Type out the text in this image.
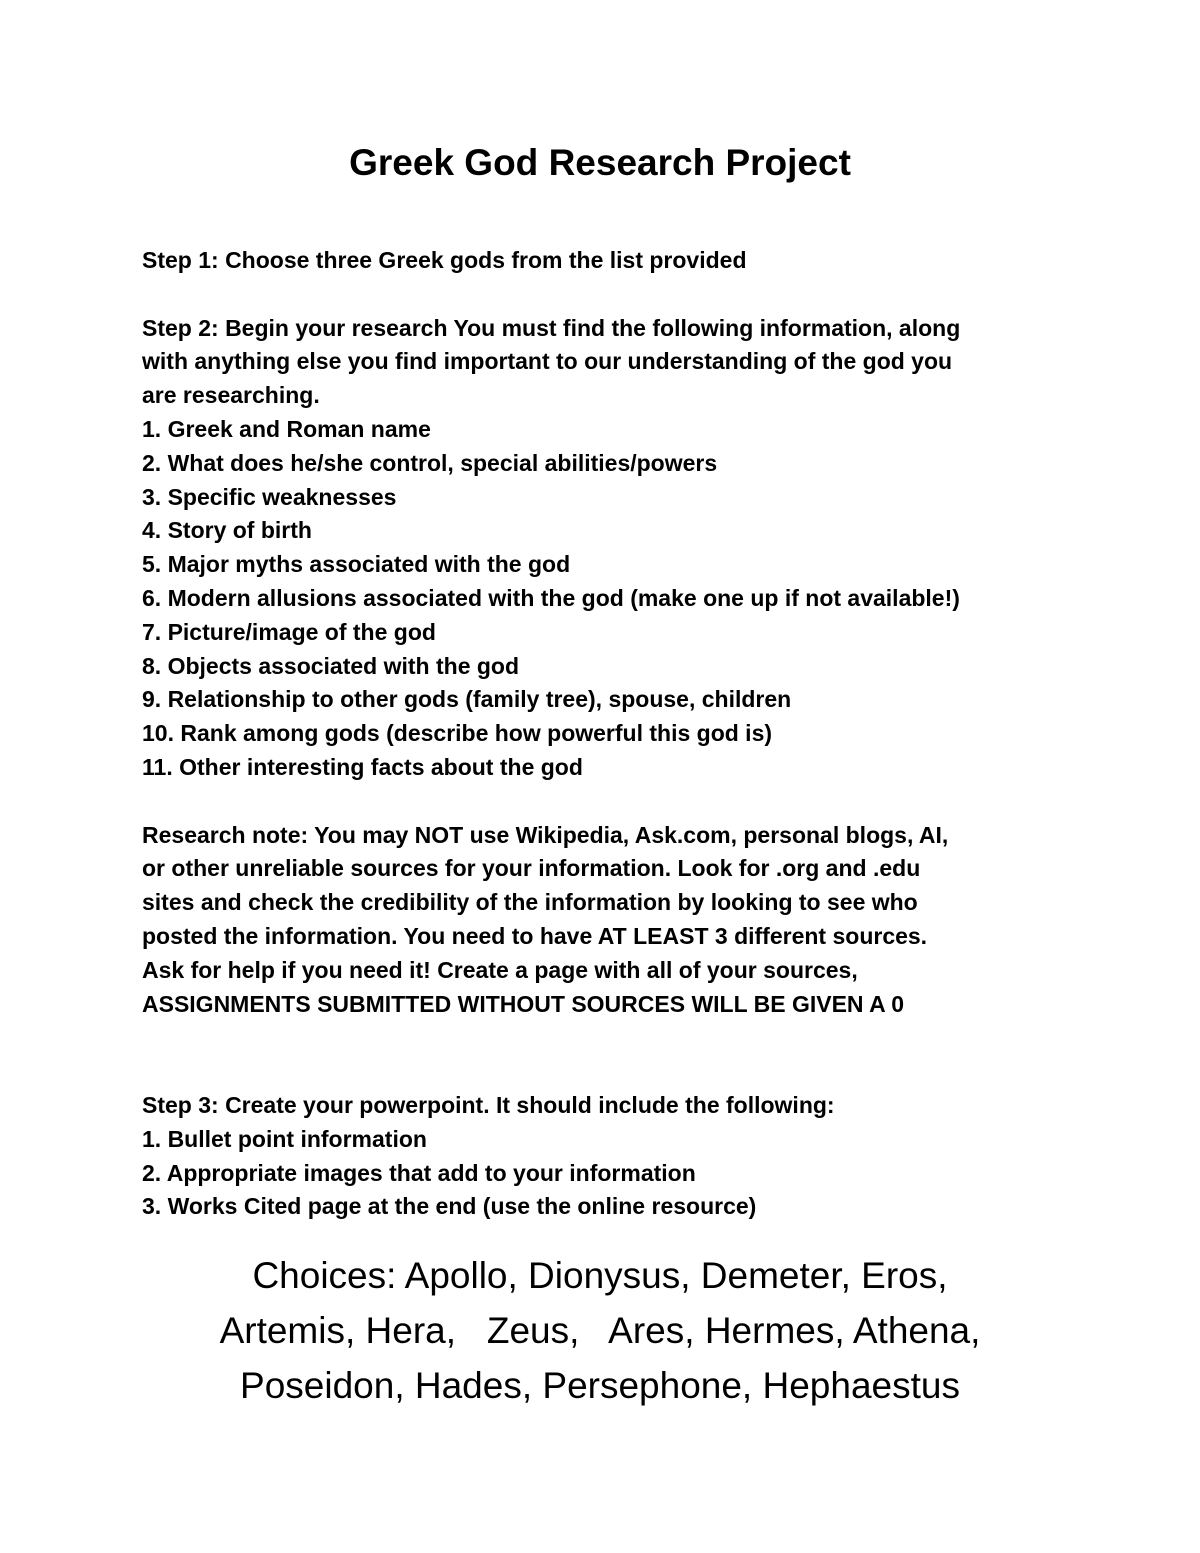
Greek God Research Project

Step 1: Choose three Greek gods from the list provided

Step 2: Begin your research You must find the following information, along

with anything else you find important to our understanding of the god you

are researching.

1. Greek and Roman name

2. What does he/she control, special abilities/powers

3. Specific weaknesses

4. Story of birth

5. Major myths associated with the god

6. Modern allusions associated with the god (make one up if not available!)

7. Picture/image of the god

8. Objects associated with the god

9. Relationship to other gods (family tree), spouse, children

10. Rank among gods (describe how powerful this god is)

11. Other interesting facts about the god

Research note: You may NOT use Wikipedia, Ask.com, personal blogs, AI,

or other unreliable sources for your information. Look for .org and .edu

sites and check the credibility of the information by looking to see who

posted the information. You need to have AT LEAST 3 different sources.

Ask for help if you need it! Create a page with all of your sources,

ASSIGNMENTS SUBMITTED WITHOUT SOURCES WILL BE GIVEN A 0

Step 3: Create your powerpoint. It should include the following:

1. Bullet point information

2. Appropriate images that add to your information

3. Works Cited page at the end (use the online resource)

Choices: Apollo, Dionysus, Demeter, Eros,

Artemis, Hera,   Zeus,   Ares, Hermes, Athena,

Poseidon, Hades, Persephone, Hephaestus
